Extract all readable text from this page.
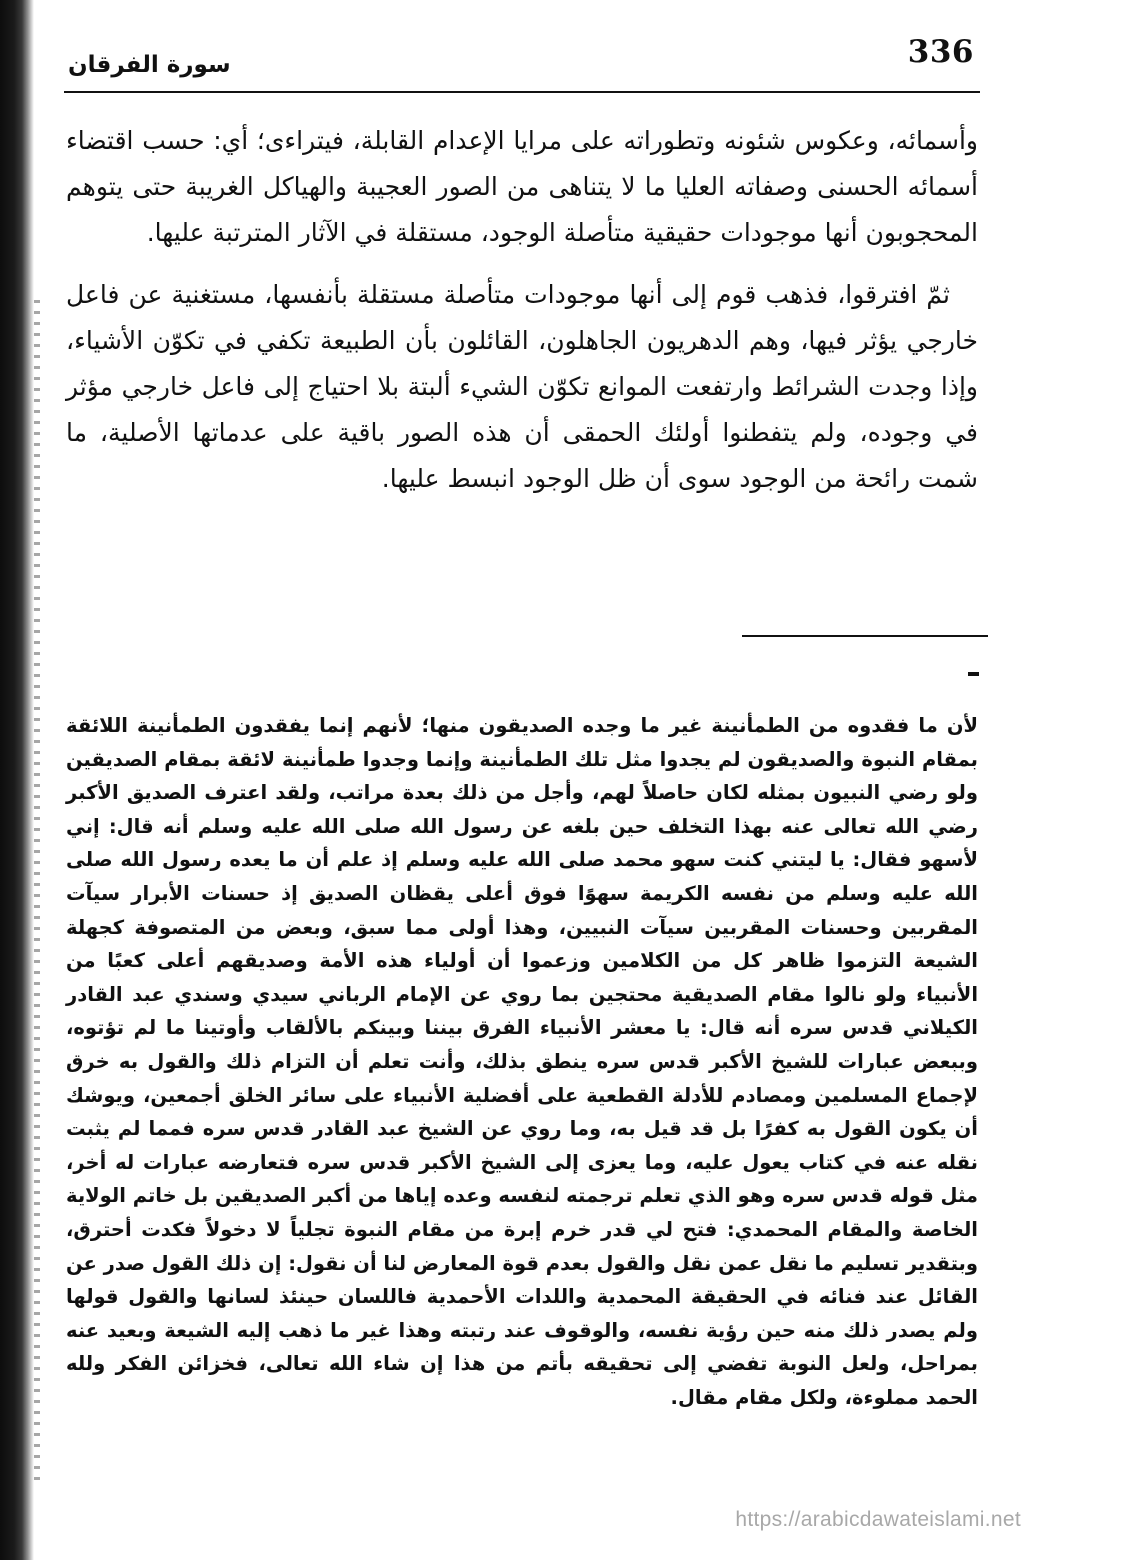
336
سورة الفرقان

وأسمائه، وعكوس شئونه وتطوراته على مرايا الإعدام القابلة، فيتراءى؛ أي: حسب اقتضاء أسمائه الحسنى وصفاته العليا ما لا يتناهى من الصور العجيبة والهياكل الغريبة حتى يتوهم المحجوبون أنها موجودات حقيقية متأصلة الوجود، مستقلة في الآثار المترتبة عليها.

ثمّ افترقوا، فذهب قوم إلى أنها موجودات متأصلة مستقلة بأنفسها، مستغنية عن فاعل خارجي يؤثر فيها، وهم الدهريون الجاهلون، القائلون بأن الطبيعة تكفي في تكوّن الأشياء، وإذا وجدت الشرائط وارتفعت الموانع تكوّن الشيء ألبتة بلا احتياج إلى فاعل خارجي مؤثر في وجوده، ولم يتفطنوا أولئك الحمقى أن هذه الصور باقية على عدماتها الأصلية، ما شمت رائحة من الوجود سوى أن ظل الوجود انبسط عليها.

لأن ما فقدوه من الطمأنينة غير ما وجده الصديقون منها؛ لأنهم إنما يفقدون الطمأنينة اللائقة بمقام النبوة والصديقون لم يجدوا مثل تلك الطمأنينة وإنما وجدوا طمأنينة لائقة بمقام الصديقين ولو رضي النبيون بمثله لكان حاصلاً لهم، وأجل من ذلك بعدة مراتب، ولقد اعترف الصديق الأكبر رضي الله تعالى عنه بهذا التخلف حين بلغه عن رسول الله صلى الله عليه وسلم أنه قال: إني لأسهو فقال: يا ليتني كنت سهو محمد صلى الله عليه وسلم إذ علم أن ما يعده رسول الله صلى الله عليه وسلم من نفسه الكريمة سهوًا فوق أعلى يقظان الصديق إذ حسنات الأبرار سيآت المقربين وحسنات المقربين سيآت النبيين، وهذا أولى مما سبق، وبعض من المتصوفة كجهلة الشيعة التزموا ظاهر كل من الكلامين وزعموا أن أولياء هذه الأمة وصديقهم أعلى كعبًا من الأنبياء ولو نالوا مقام الصديقية محتجين بما روي عن الإمام الرباني سيدي وسندي عبد القادر الكيلاني قدس سره أنه قال: يا معشر الأنبياء الفرق بيننا وبينكم بالألقاب وأوتينا ما لم تؤتوه، وببعض عبارات للشيخ الأكبر قدس سره ينطق بذلك، وأنت تعلم أن التزام ذلك والقول به خرق لإجماع المسلمين ومصادم للأدلة القطعية على أفضلية الأنبياء على سائر الخلق أجمعين، ويوشك أن يكون القول به كفرًا بل قد قيل به، وما روي عن الشيخ عبد القادر قدس سره فمما لم يثبت نقله عنه في كتاب يعول عليه، وما يعزى إلى الشيخ الأكبر قدس سره فتعارضه عبارات له أخر، مثل قوله قدس سره وهو الذي تعلم ترجمته لنفسه وعده إياها من أكبر الصديقين بل خاتم الولاية الخاصة والمقام المحمدي: فتح لي قدر خرم إبرة من مقام النبوة تجلياً لا دخولاً فكدت أحترق، وبتقدير تسليم ما نقل عمن نقل والقول بعدم قوة المعارض لنا أن نقول: إن ذلك القول صدر عن القائل عند فنائه في الحقيقة المحمدية واللدات الأحمدية فاللسان حينئذ لسانها والقول قولها ولم يصدر ذلك منه حين رؤية نفسه، والوقوف عند رتبته وهذا غير ما ذهب إليه الشيعة وبعيد عنه بمراحل، ولعل النوبة تفضي إلى تحقيقه بأتم من هذا إن شاء الله تعالى، فخزائن الفكر ولله الحمد مملوءة، ولكل مقام مقال.

https://arabicdawateislami.net
